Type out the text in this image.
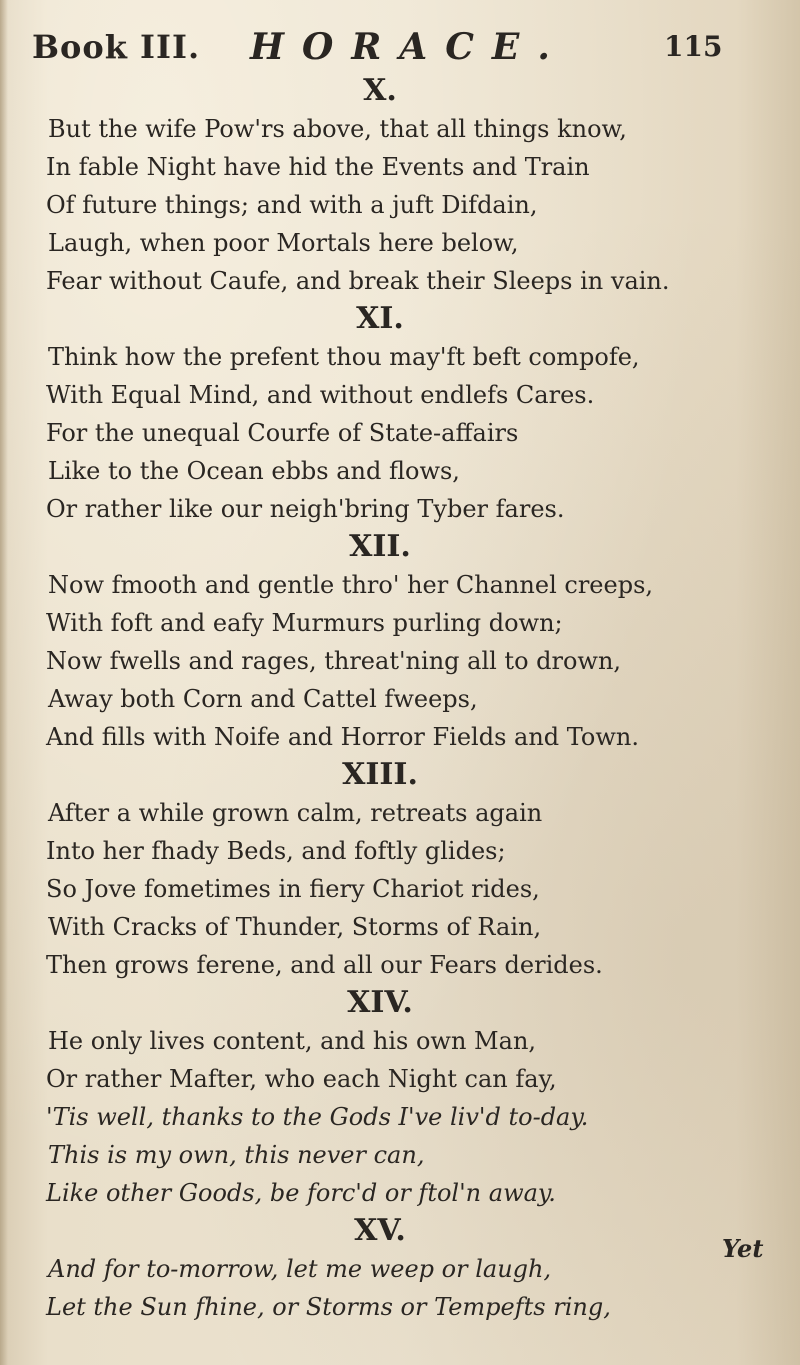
Book III. HORACE.	115
X.
But the wife Pow'rs above, that all things know,
In fable Night have hid the Events and Train
Of future things; and with a juft Difdain,
Laugh, when poor Mortals here below,
Fear without Caufe, and break their Sleeps in vain.
XI.
Think how the prefent thou may'ft beft compofe,
With Equal Mind, and without endlefs Cares.
For the unequal Courfe of State-affairs
Like to the Ocean ebbs and flows,
Or rather like our neigh'bring Tyber fares.
XII.
Now fmooth and gentle thro' her Channel creeps,
With foft and eafy Murmurs purling down;
Now fwells and rages, threat'ning all to drown,
Away both Corn and Cattel fweeps,
And fills with Noife and Horror Fields and Town.
XIII.
After a while grown calm, retreats again
Into her fhady Beds, and foftly glides;
So Jove fometimes in fiery Chariot rides,
With Cracks of Thunder, Storms of Rain,
Then grows ferene, and all our Fears derides.
XIV.
He only lives content, and his own Man,
Or rather Mafter, who each Night can fay,
'Tis well, thanks to the Gods I've liv'd to-day.
This is my own, this never can,
Like other Goods, be forc'd or ftol'n away.
XV.
And for to-morrow, let me weep or laugh,
Let the Sun fhine, or Storms or Tempefts ring,
Yet
